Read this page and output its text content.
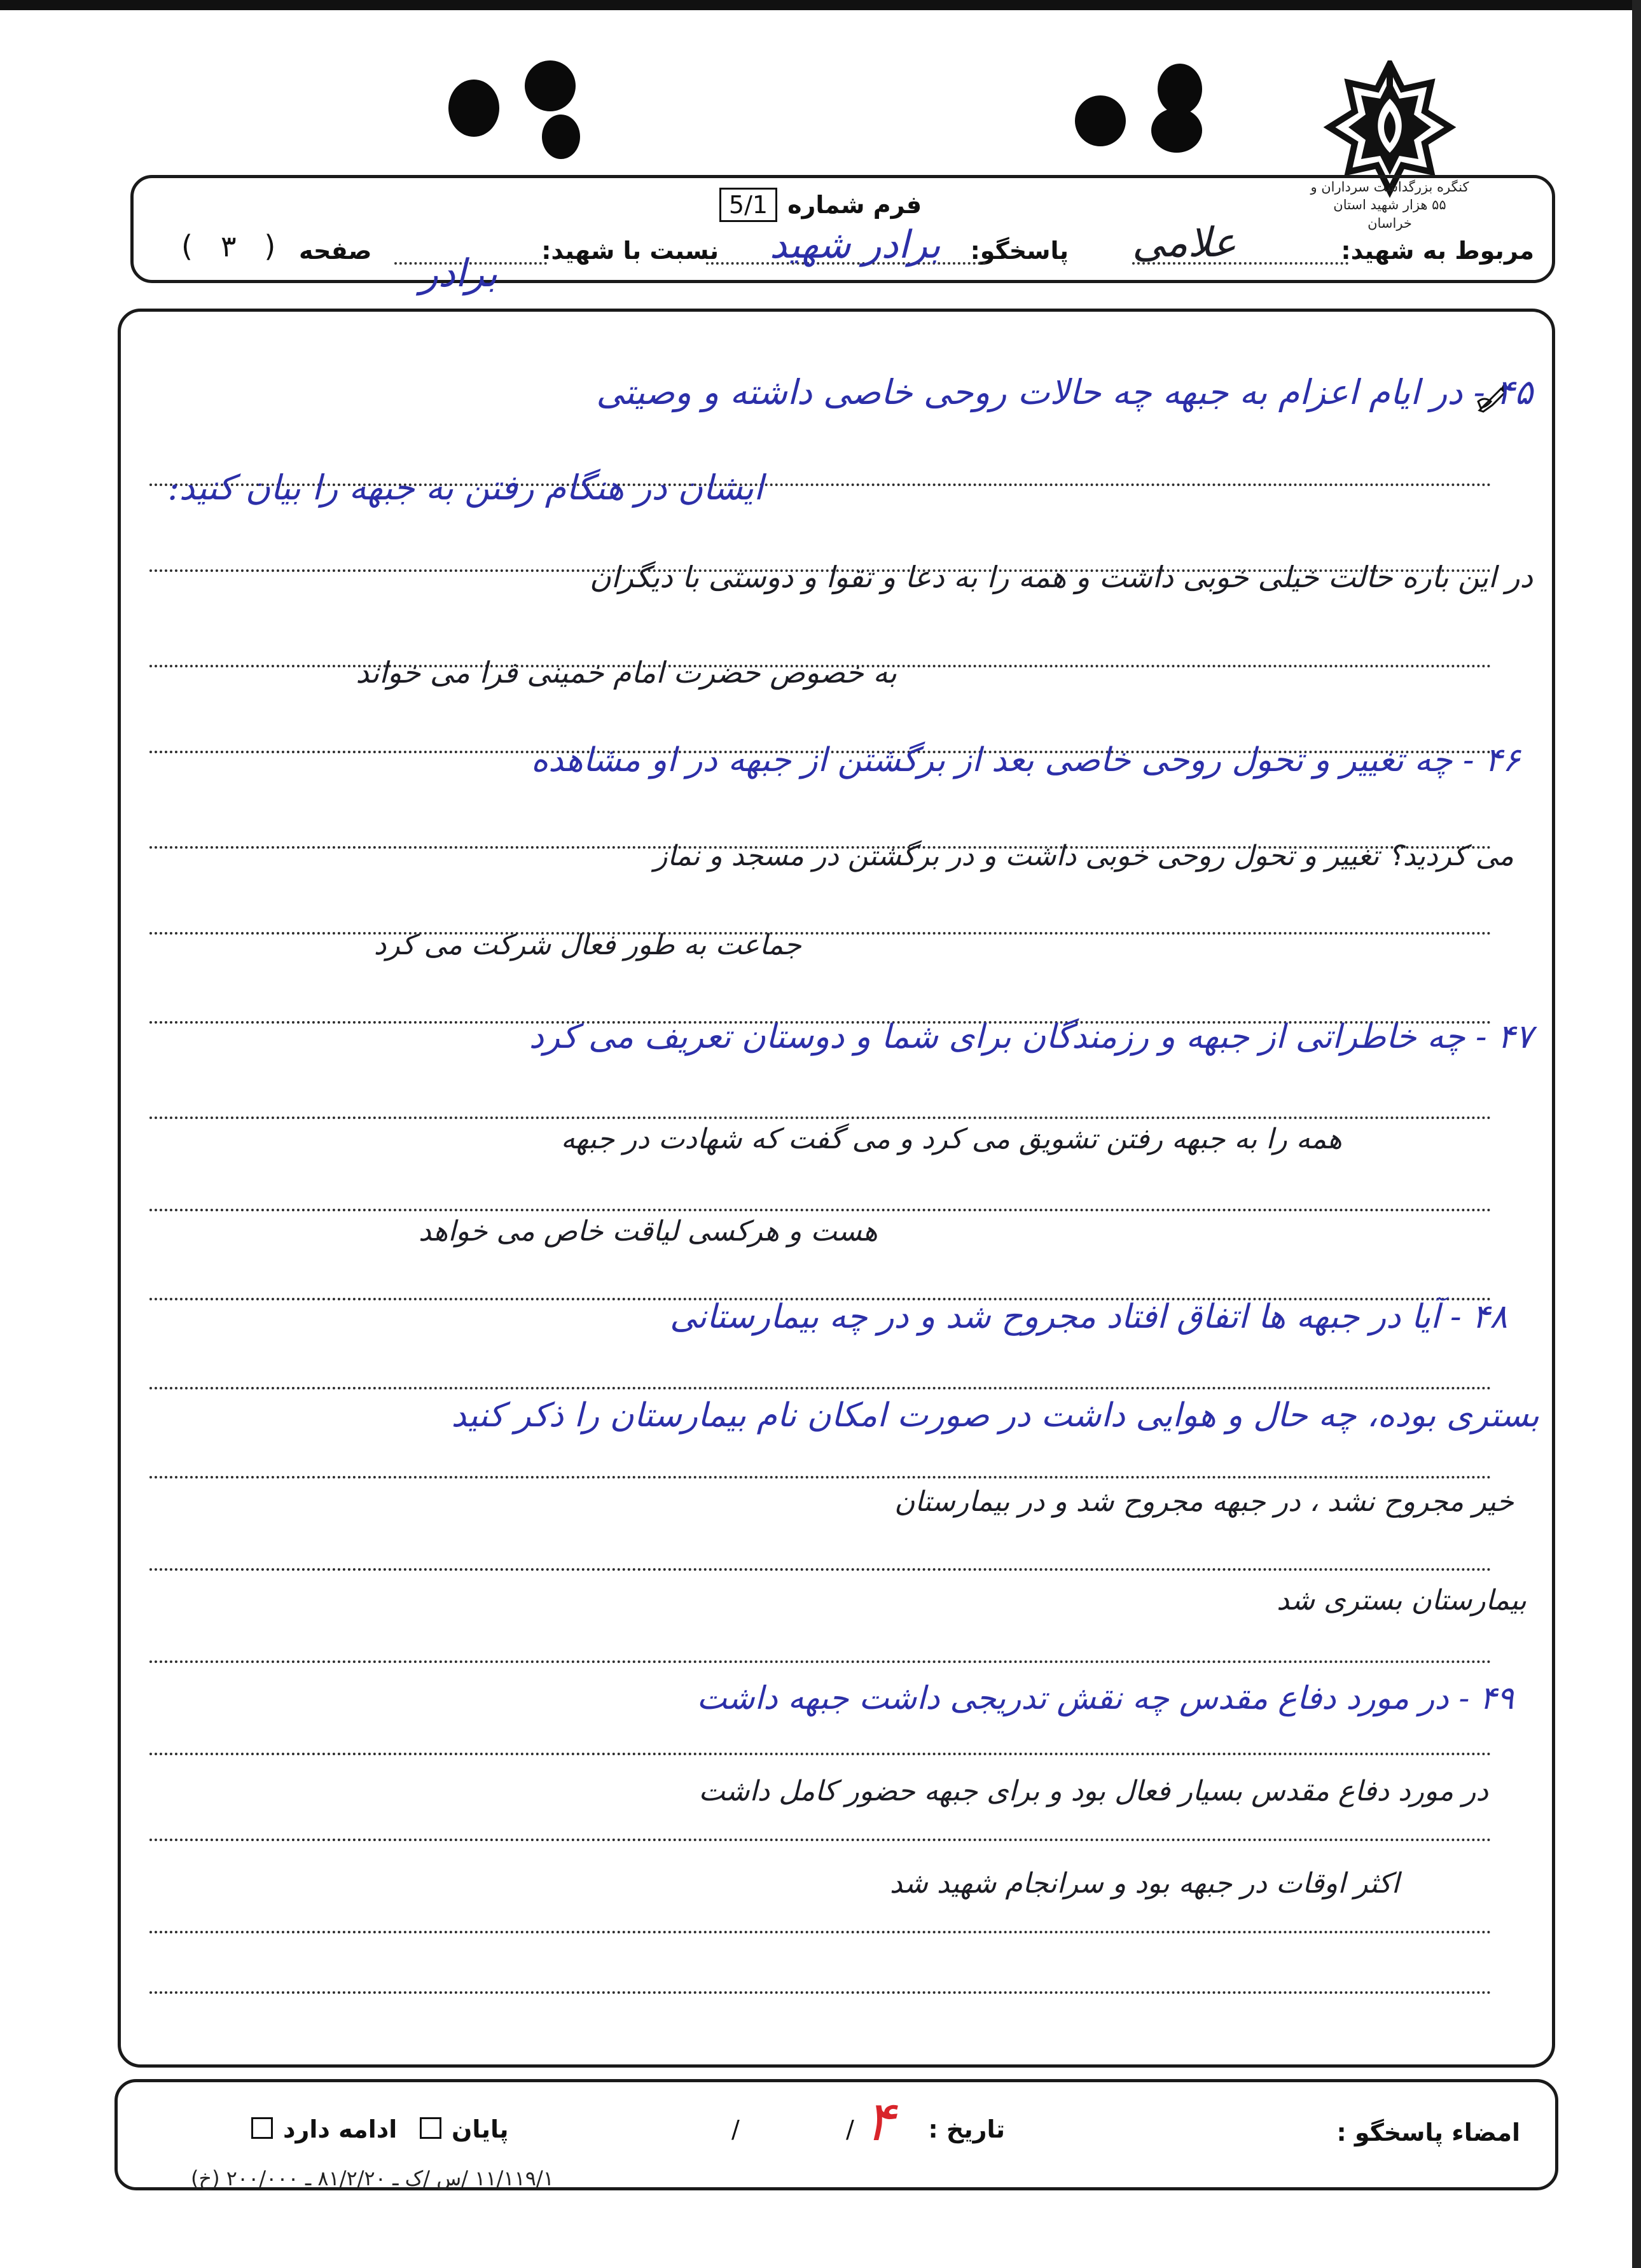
کنگره بزرگداشت سرداران و ۵۵ هزار شهید استان خراسان
فرم شماره
5/1
مربوط به شهید:
علامی
پاسخگو:
برادر شهید
نسبت با شهید:
برادر
صفحه
(   ۳   )
۴۵ - در ایام اعزام به جبهه چه حالات روحی خاصی داشته و وصیتی
ایشان در هنگام رفتن به جبهه را بیان کنید:
در این باره حالت خیلی خوبی داشت و همه را به دعا و تقوا و دوستی با دیگران
به خصوص حضرت امام خمینی فرا می خواند
۴۶ - چه تغییر و تحول روحی خاصی بعد از برگشتن از جبهه در او مشاهده
می کردید؟ تغییر و تحول روحی خوبی داشت و در برگشتن در مسجد و نماز
جماعت به طور فعال شرکت می کرد
۴۷ - چه خاطراتی از جبهه و رزمندگان برای شما و دوستان تعریف می کرد
همه را به جبهه رفتن تشویق می کرد و می گفت که شهادت در جبهه
هست و هرکسی لیاقت خاص می خواهد
۴۸ - آیا در جبهه ها اتفاق افتاد مجروح شد و در چه بیمارستانی
بستری بوده، چه حال و هوایی داشت در صورت امکان نام بیمارستان را ذکر کنید
خیر مجروح نشد ، در جبهه مجروح شد و در بیمارستان
بیمارستان بستری شد
۴۹ - در مورد دفاع مقدس چه نقش تدریجی داشت جبهه داشت
در مورد دفاع مقدس بسیار فعال بود و برای جبهه حضور کامل داشت
اکثر اوقات در جبهه بود و سرانجام شهید شد
امضاء پاسخگو :
تاریخ :
۴
/
/
پایان
ادامه دارد
۱۱/۱۱۹/۱ /س /ک ـ ۸۱/۲/۲۰ ـ ۲۰۰/۰۰۰ (خ)
